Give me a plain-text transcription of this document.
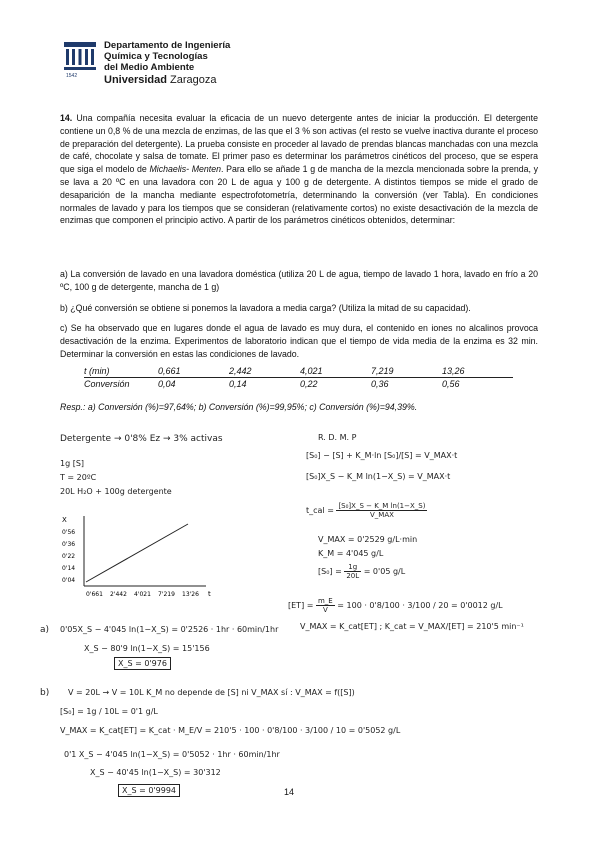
1542
Departamento de Ingeniería
Química y Tecnologías
del Medio Ambiente
Universidad Zaragoza
14. Una compañía necesita evaluar la eficacia de un nuevo detergente antes de iniciar la producción. El detergente contiene un 0,8 % de una mezcla de enzimas, de las que el 3 % son activas (el resto se vuelve inactiva durante el proceso de preparación del detergente). La prueba consiste en proceder al lavado de prendas blancas manchadas con una mezcla de café, chocolate y salsa de tomate. El primer paso es determinar los parámetros cinéticos del proceso, que se espera que siga el modelo de Michaelis- Menten. Para ello se añade 1 g de mancha de la mezcla mencionada sobre la prenda, y se lava a 20 ºC en una lavadora con 20 L de agua y 100 g de detergente. A distintos tiempos se mide el grado de desaparición de la mancha mediante espectrofotometría, determinando la conversión (ver Tabla). En condiciones normales de lavado y para los tiempos que se consideran (relativamente cortos) no existe desactivación de la mezcla de enzimas que componen el principio activo. A partir de los parámetros cinéticos obtenidos, determinar:
a) La conversión de lavado en una lavadora doméstica (utiliza 20 L de agua, tiempo de lavado 1 hora, lavado en frío a 20 ºC, 100 g de detergente, mancha de 1 g)
b) ¿Qué conversión se obtiene si ponemos la lavadora a media carga? (Utiliza la mitad de su capacidad).
c) Se ha observado que en lugares donde el agua de lavado es muy dura, el contenido en iones no alcalinos provoca desactivación de la enzima. Experimentos de laboratorio indican que el tiempo de vida media de la enzima es 32 min. Determinar la conversión en estas las condiciones de lavado.
t (min)	0,661	2,442	4,021	7,219	13,26
Conversión	0,04	0,14	0,22	0,36	0,56
Resp.: a) Conversión (%)=97,64%; b) Conversión (%)=99,95%; c) Conversión (%)=94,39%.
Detergente → 0'8% Ez → 3% activas
1g [S]
T = 20ºC
20L H₂O + 100g detergente
R. D. M. P
[S₀] − [S] + K_M·ln [S₀]/[S] = V_MAX·t
[S₀]X_S − K_M ln(1−X_S) = V_MAX·t
t_cal = $\frac{\text{[S₀]X\_S − K\_M ln(1−X\_S)}}{\text{V\_MAX}}$
V_MAX = 0'2529 g/L·min
K_M = 4'045 g/L
$[S_0] = \frac{1g}{20L} = 0'05$ g/L
$[ET] = \frac{m\_E}{V} = 100 \cdot 0'8/100 \cdot 3/100 / 20 = 0'0012$ g/L
V_MAX = K_cat[ET] ; K_cat = V_MAX/[ET] = 210'5 min⁻¹
X
t
0'56
0'36
0'22
0'14
0'04
0'661 2'442 4'021 7'219 13'26
a) 0'05X_S − 4'045 ln(1−X_S) = 0'2526 · 1hr · 60min/1hr
X_S − 80'9 ln(1−X_S) = 15'156
X_S = 0'976
b) V = 20L → V = 10L K_M no depende de [S] ni V_MAX sí : V_MAX = f([S])
[S₀] = 1g / 10L = 0'1 g/L
V_MAX = K_cat[ET] = K_cat · M_E/V = 210'5 · 100 · 0'8/100 · 3/100 / 10 = 0'5052 g/L
0'1 X_S − 4'045 ln(1−X_S) = 0'5052 · 1hr · 60min/1hr
X_S − 40'45 ln(1−X_S) = 30'312
X_S = 0'9994	14
